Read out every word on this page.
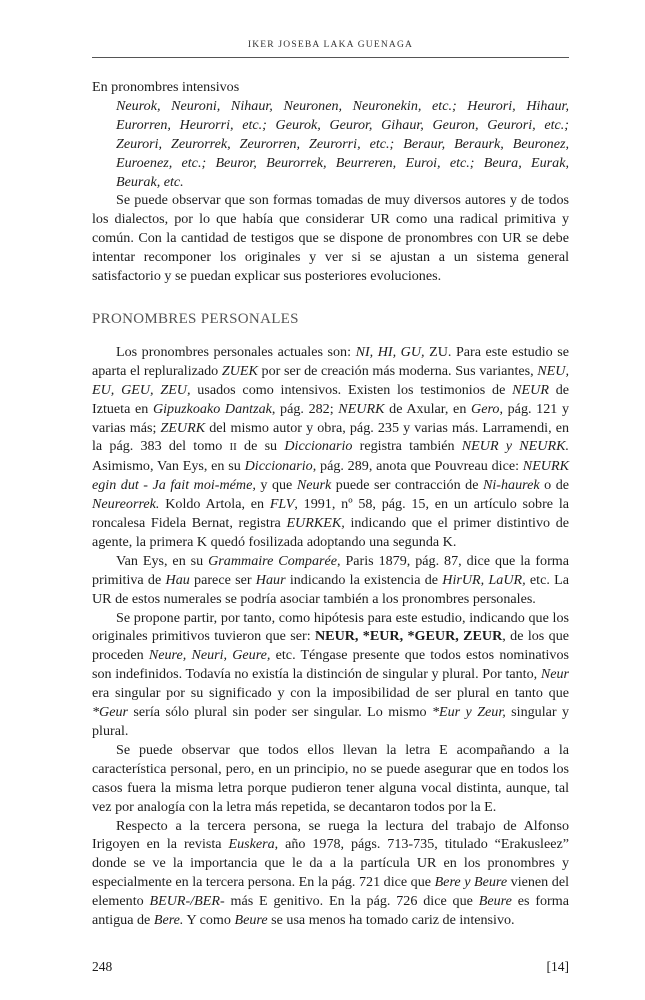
IKER JOSEBA LAKA GUENAGA

En pronombres intensivos

Neurok, Neuroni, Nihaur, Neuronen, Neuronekin, etc.; Heurori, Hihaur, Eurorren, Heurorri, etc.; Geurok, Geuror, Gihaur, Geuron, Geurori, etc.; Zeurori, Zeurorrek, Zeurorren, Zeurorri, etc.; Beraur, Beraurk, Beuronez, Euroenez, etc.; Beuror, Beurorrek, Beurreren, Euroi, etc.; Beura, Eurak, Beurak, etc.

Se puede observar que son formas tomadas de muy diversos autores y de todos los dialectos, por lo que había que considerar UR como una radical primitiva y común. Con la cantidad de testigos que se dispone de pronombres con UR se debe intentar recomponer los originales y ver si se ajustan a un sistema general satisfactorio y se puedan explicar sus posteriores evoluciones.

PRONOMBRES PERSONALES

Los pronombres personales actuales son: NI, HI, GU, ZU. Para este estudio se aparta el repluralizado ZUEK por ser de creación más moderna. Sus variantes, NEU, EU, GEU, ZEU, usados como intensivos. Existen los testimonios de NEUR de Iztueta en Gipuzkoako Dantzak, pág. 282; NEURK de Axular, en Gero, pág. 121 y varias más; ZEURK del mismo autor y obra, pág. 235 y varias más. Larramendi, en la pág. 383 del tomo II de su Diccionario registra también NEUR y NEURK. Asimismo, Van Eys, en su Diccionario, pág. 289, anota que Pouvreau dice: NEURK egin dut - Ja fait moi-méme, y que Neurk puede ser contracción de Ni-haurek o de Neureorrek. Koldo Artola, en FLV, 1991, nº 58, pág. 15, en un artículo sobre la roncalesa Fidela Bernat, registra EURKEK, indicando que el primer distintivo de agente, la primera K quedó fosilizada adoptando una segunda K.

Van Eys, en su Grammaire Comparée, Paris 1879, pág. 87, dice que la forma primitiva de Hau parece ser Haur indicando la existencia de HirUR, LaUR, etc. La UR de estos numerales se podría asociar también a los pronombres personales.

Se propone partir, por tanto, como hipótesis para este estudio, indicando que los originales primitivos tuvieron que ser: NEUR, *EUR, *GEUR, ZEUR, de los que proceden Neure, Neuri, Geure, etc. Téngase presente que todos estos nominativos son indefinidos. Todavía no existía la distinción de singular y plural. Por tanto, Neur era singular por su significado y con la imposibilidad de ser plural en tanto que *Geur sería sólo plural sin poder ser singular. Lo mismo *Eur y Zeur, singular y plural.

Se puede observar que todos ellos llevan la letra E acompañando a la característica personal, pero, en un principio, no se puede asegurar que en todos los casos fuera la misma letra porque pudieron tener alguna vocal distinta, aunque, tal vez por analogía con la letra más repetida, se decantaron todos por la E.

Respecto a la tercera persona, se ruega la lectura del trabajo de Alfonso Irigoyen en la revista Euskera, año 1978, págs. 713-735, titulado “Erakusleez” donde se ve la importancia que le da a la partícula UR en los pronombres y especialmente en la tercera persona. En la pág. 721 dice que Bere y Beure vienen del elemento BEUR-/BER- más E genitivo. En la pág. 726 dice que Beure es forma antigua de Bere. Y como Beure se usa menos ha tomado cariz de intensivo.

248	[14]
